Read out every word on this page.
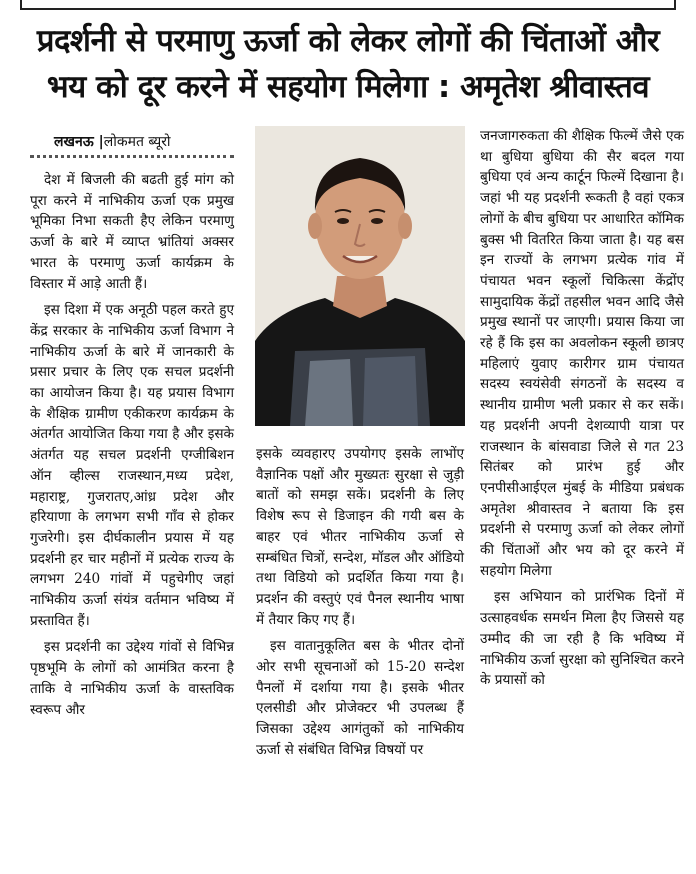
प्रदर्शनी से परमाणु ऊर्जा को लेकर लोगों की चिंताओं और भय को दूर करने में सहयोग मिलेगा : अमृतेश श्रीवास्तव
लखनऊ |लोकमत ब्यूरो

देश में बिजली की बढती हुई मांग को पूरा करने में नाभिकीय ऊर्जा एक प्रमुख भूमिका निभा सकती हैए लेकिन परमाणु ऊर्जा के बारे में व्याप्त भ्रांतियां अक्सर भारत के परमाणु ऊर्जा कार्यक्रम के विस्तार में आड़े आती हैं।

इस दिशा में एक अनूठी पहल करते हुए केंद्र सरकार के नाभिकीय ऊर्जा विभाग ने नाभिकीय ऊर्जा के बारे में जानकारी के प्रसार प्रचार के लिए एक सचल प्रदर्शनी का आयोजन किया है। यह प्रयास विभाग के शैक्षिक ग्रामीण एकीकरण कार्यक्रम के अंतर्गत आयोजित किया गया है और इसके अंतर्गत यह सचल प्रदर्शनी एग्जीबिशन ऑन व्हील्स राजस्थान,मध्य प्रदेश, महाराष्ट्र, गुजरातए,आंध्र प्रदेश और हरियाणा के लगभग सभी गाँव से होकर गुजरेगी। इस दीर्घकालीन प्रयास में यह प्रदर्शनी हर चार महीनों में प्रत्येक राज्य के लगभग 240 गांवों में पहुचेगीए जहां नाभिकीय ऊर्जा संयंत्र वर्तमान भविष्य में प्रस्तावित हैं।

इस प्रदर्शनी का उद्देश्य गांवों से विभिन्न पृष्ठभूमि के लोगों को आमंत्रित करना है ताकि वे नाभिकीय ऊर्जा के वास्तविक स्वरूप और

इसके व्यवहारए उपयोगए इसके लाभोंए वैज्ञानिक पक्षों और मुख्यतः सुरक्षा से जुड़ी बातों को समझ सकें। प्रदर्शनी के लिए विशेष रूप से डिजाइन की गयी बस के बाहर एवं भीतर नाभिकीय ऊर्जा से सम्बंधित चित्रों, सन्देश, मॉडल और ऑडियो तथा विडियो को प्रदर्शित किया गया है। प्रदर्शन की वस्तुएं एवं पैनल स्थानीय भाषा में तैयार किए गए हैं।

इस वातानुकूलित बस के भीतर दोनों ओर सभी सूचनाओं को 15-20 सन्देश पैनलों में दर्शाया गया है। इसके भीतर एलसीडी और प्रोजेक्टर भी उपलब्ध हैं जिसका उद्देश्य आगंतुकों को नाभिकीय ऊर्जा से संबंधित विभिन्न विषयों पर

जनजागरुकता की शैक्षिक फिल्में जैसे एक था बुधिया बुधिया की सैर बदल गया बुधिया एवं अन्य कार्टून फिल्में दिखाना है। जहां भी यह प्रदर्शनी रूकती है वहां एकत्र लोगों के बीच बुधिया पर आधारित कॉमिक बुक्स भी वितरित किया जाता है। यह बस इन राज्यों के लगभग प्रत्येक गांव में पंचायत भवन स्कूलों चिकित्सा केंद्रोंए सामुदायिक केंद्रों तहसील भवन आदि जैसे प्रमुख स्थानों पर जाएगी। प्रयास किया जा रहे हैं कि इस का अवलोकन स्कूली छात्रए महिलाएं युवाए कारीगर ग्राम पंचायत सदस्य स्वयंसेवी संगठनों के सदस्य व स्थानीय ग्रामीण भली प्रकार से कर सकें। यह प्रदर्शनी अपनी देशव्यापी यात्रा पर राजस्थान के बांसवाडा जिले से गत 23 सितंबर को प्रारंभ हुई और एनपीसीआईएल मुंबई के मीडिया प्रबंधक अमृतेश श्रीवास्तव ने बताया कि इस प्रदर्शनी से परमाणु ऊर्जा को लेकर लोगों की चिंताओं और भय को दूर करने में सहयोग मिलेगा

इस अभियान को प्रारंभिक दिनों में उत्साहवर्धक समर्थन मिला हैए जिससे यह उम्मीद की जा रही है कि भविष्य में नाभिकीय ऊर्जा सुरक्षा को सुनिश्चित करने के प्रयासों को
